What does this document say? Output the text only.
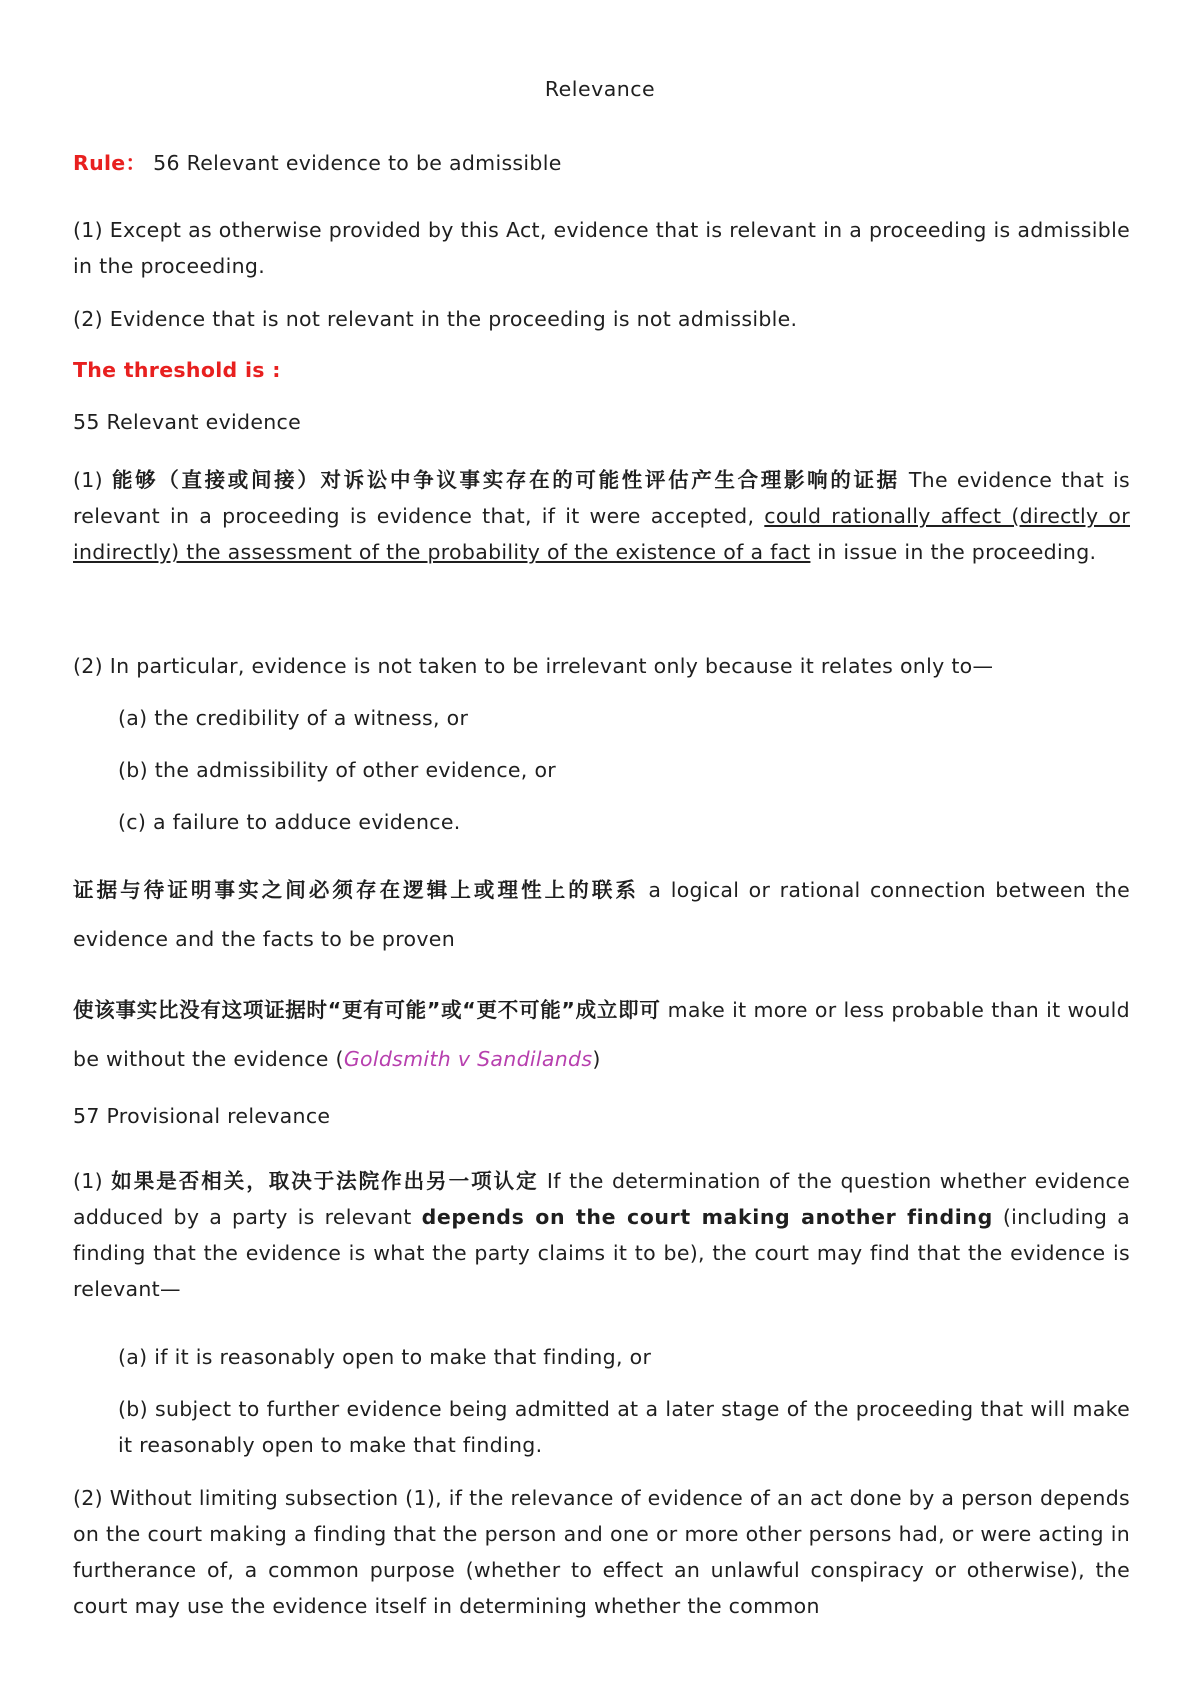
Relevance

Rule： 56 Relevant evidence to be admissible

(1) Except as otherwise provided by this Act, evidence that is relevant in a proceeding is admissible in the proceeding.

(2) Evidence that is not relevant in the proceeding is not admissible.

The threshold is :

55 Relevant evidence

(1) 能够（直接或间接）对诉讼中争议事实存在的可能性评估产生合理影响的证据 The evidence that is relevant in a proceeding is evidence that, if it were accepted, could rationally affect (directly or indirectly) the assessment of the probability of the existence of a fact in issue in the proceeding.

(2) In particular, evidence is not taken to be irrelevant only because it relates only to—

(a) the credibility of a witness, or

(b) the admissibility of other evidence, or

(c) a failure to adduce evidence.

证据与待证明事实之间必须存在逻辑上或理性上的联系 a logical or rational connection between the evidence and the facts to be proven

使该事实比没有这项证据时“更有可能”或“更不可能”成立即可 make it more or less probable than it would be without the evidence (Goldsmith v Sandilands)

57 Provisional relevance

(1) 如果是否相关，取决于法院作出另一项认定 If the determination of the question whether evidence adduced by a party is relevant depends on the court making another finding (including a finding that the evidence is what the party claims it to be), the court may find that the evidence is relevant—

(a) if it is reasonably open to make that finding, or

(b) subject to further evidence being admitted at a later stage of the proceeding that will make it reasonably open to make that finding.

(2) Without limiting subsection (1), if the relevance of evidence of an act done by a person depends on the court making a finding that the person and one or more other persons had, or were acting in furtherance of, a common purpose (whether to effect an unlawful conspiracy or otherwise), the court may use the evidence itself in determining whether the common
